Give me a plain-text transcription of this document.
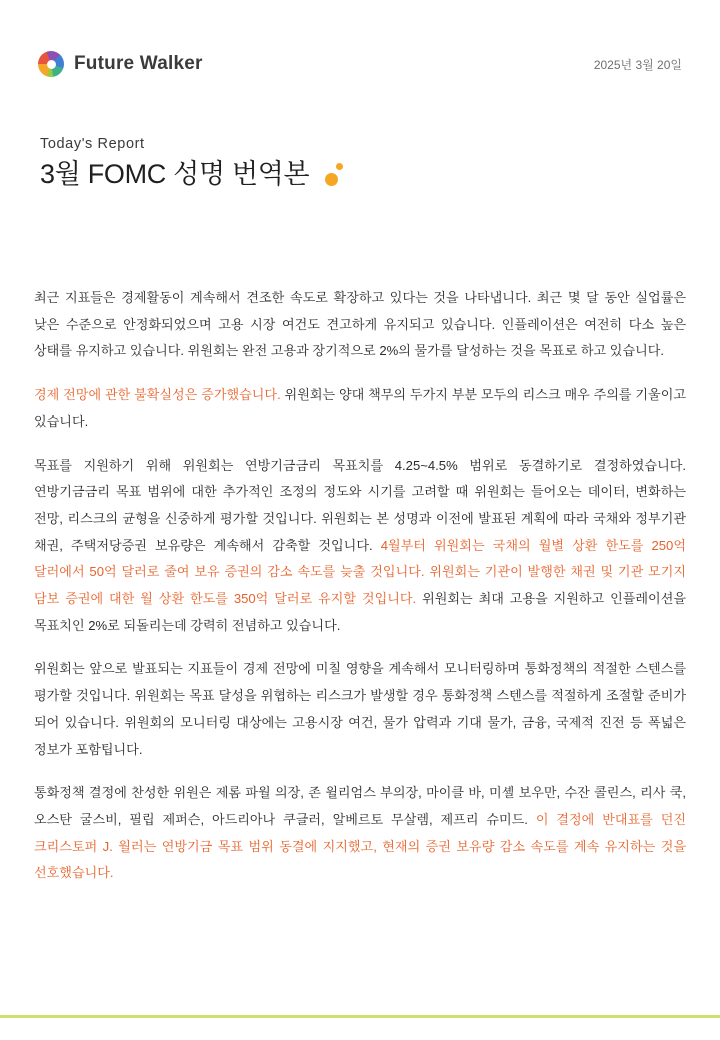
Future Walker	2025년 3월 20일
Today's Report
3월 FOMC 성명 번역본

최근 지표들은 경제활동이 계속해서 견조한 속도로 확장하고 있다는 것을 나타냅니다. 최근 몇 달 동안 실업률은 낮은 수준으로 안정화되었으며 고용 시장 여건도 견고하게 유지되고 있습니다. 인플레이션은 여전히 다소 높은 상태를 유지하고 있습니다. 위원회는 완전 고용과 장기적으로 2%의 물가를 달성하는 것을 목표로 하고 있습니다.

경제 전망에 관한 불확실성은 증가했습니다. 위원회는 양대 책무의 두가지 부분 모두의 리스크 매우 주의를 기울이고 있습니다.

목표를 지원하기 위해 위원회는 연방기금금리 목표치를 4.25~4.5% 범위로 동결하기로 결정하였습니다. 연방기금금리 목표 범위에 대한 추가적인 조정의 정도와 시기를 고려할 때 위원회는 들어오는 데이터, 변화하는 전망, 리스크의 균형을 신중하게 평가할 것입니다. 위원회는 본 성명과 이전에 발표된 계획에 따라 국채와 정부기관 채권, 주택저당증권 보유량은 계속해서 감축할 것입니다. 4월부터 위원회는 국채의 월별 상환 한도를 250억 달러에서 50억 달러로 줄여 보유 증권의 감소 속도를 늦출 것입니다. 위원회는 기관이 발행한 채권 및 기관 모기지 담보 증권에 대한 월 상환 한도를 350억 달러로 유지할 것입니다. 위원회는 최대 고용을 지원하고 인플레이션을 목표치인 2%로 되돌리는데 강력히 전념하고 있습니다.

위원회는 앞으로 발표되는 지표들이 경제 전망에 미칠 영향을 계속해서 모니터링하며 통화정책의 적절한 스텐스를 평가할 것입니다. 위원회는 목표 달성을 위협하는 리스크가 발생할 경우 통화정책 스텐스를 적절하게 조절할 준비가 되어 있습니다. 위원회의 모니터링 대상에는 고용시장 여건, 물가 압력과 기대 물가, 금융, 국제적 진전 등 폭넓은 정보가 포함팁니다.

통화정책 결정에 찬성한 위원은 제롬 파월 의장, 존 윌리엄스 부의장, 마이클 바, 미셸 보우만, 수잔 콜린스, 리사 쿡, 오스탄 굴스비, 필립 제퍼슨, 아드리아나 쿠글러, 알베르토 무살렘, 제프리 슈미드. 이 결정에 반대표를 던진 크리스토퍼 J. 월러는 연방기금 목표 범위 동결에 지지했고, 현재의 증권 보유량 감소 속도를 계속 유지하는 것을 선호했습니다.
